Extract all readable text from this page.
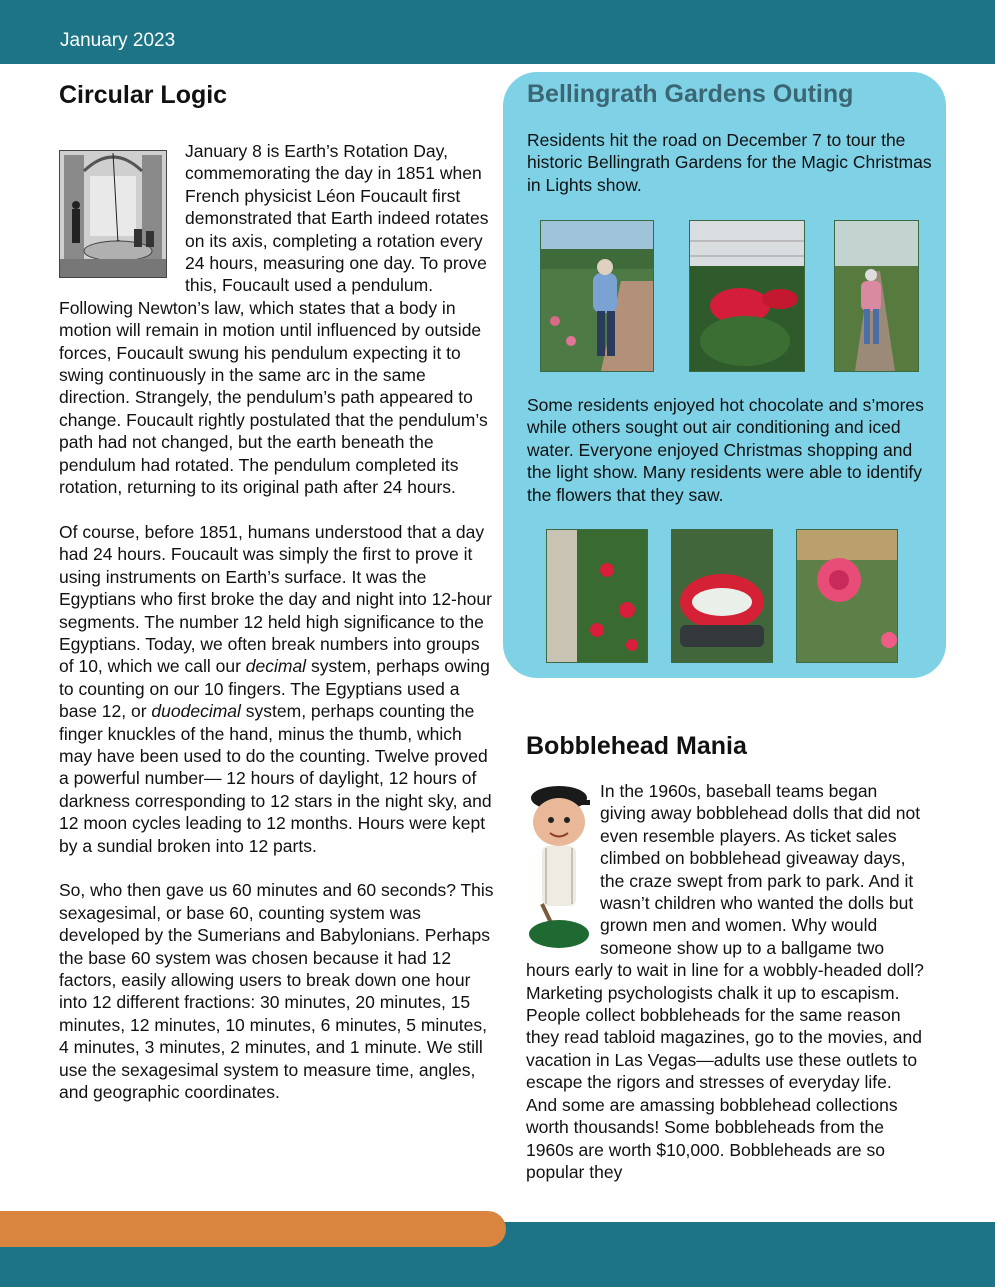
January 2023
Circular Logic

January 8 is Earth’s Rotation Day, commemorating the day in 1851 when French physicist Léon Foucault first demonstrated that Earth indeed rotates on its axis, completing a rotation every 24 hours, measuring one day. To prove this, Foucault used a pendulum. Following Newton’s law, which states that a body in motion will remain in motion until influenced by outside forces, Foucault swung his pendulum expecting it to swing continuously in the same arc in the same direction. Strangely, the pendulum’s path appeared to change. Foucault rightly postulated that the pendulum’s path had not changed, but the earth beneath the pendulum had rotated. The pendulum completed its rotation, returning to its original path after 24 hours.

Of course, before 1851, humans understood that a day had 24 hours. Foucault was simply the first to prove it using instruments on Earth’s surface. It was the Egyptians who first broke the day and night into 12-hour segments. The number 12 held high significance to the Egyptians. Today, we often break numbers into groups of 10, which we call our decimal system, perhaps owing to counting on our 10 fingers. The Egyptians used a base 12, or duodecimal system, perhaps counting the finger knuckles of the hand, minus the thumb, which may have been used to do the counting. Twelve proved a powerful number— 12 hours of daylight, 12 hours of darkness corresponding to 12 stars in the night sky, and 12 moon cycles leading to 12 months. Hours were kept by a sundial broken into 12 parts.

So, who then gave us 60 minutes and 60 seconds? This sexagesimal, or base 60, counting system was developed by the Sumerians and Babylonians. Perhaps the base 60 system was chosen because it had 12 factors, easily allowing users to break down one hour into 12 different fractions: 30 minutes, 20 minutes, 15 minutes, 12 minutes, 10 minutes, 6 minutes, 5 minutes, 4 minutes, 3 minutes, 2 minutes, and 1 minute. We still use the sexagesimal system to measure time, angles, and geographic coordinates.

Bellingrath Gardens Outing

Residents hit the road on December 7 to tour the historic Bellingrath Gardens for the Magic Christmas in Lights show.

Some residents enjoyed hot chocolate and s’mores while others sought out air conditioning and iced water. Everyone enjoyed Christmas shopping and the light show. Many residents were able to identify the flowers that they saw.

Bobblehead Mania
In the 1960s, baseball teams began giving away bobblehead dolls that did not even resemble players. As ticket sales climbed on bobblehead giveaway days, the craze swept from park to park. And it wasn’t children who wanted the dolls but grown men and women. Why would someone show up to a ballgame two hours early to wait in line for a wobbly-headed doll? Marketing psychologists chalk it up to escapism. People collect bobbleheads for the same reason they read tabloid magazines, go to the movies, and vacation in Las Vegas—adults use these outlets to escape the rigors and stresses of everyday life. And some are amassing bobblehead collections worth thousands! Some bobbleheads from the 1960s are worth $10,000. Bobbleheads are so popular they
